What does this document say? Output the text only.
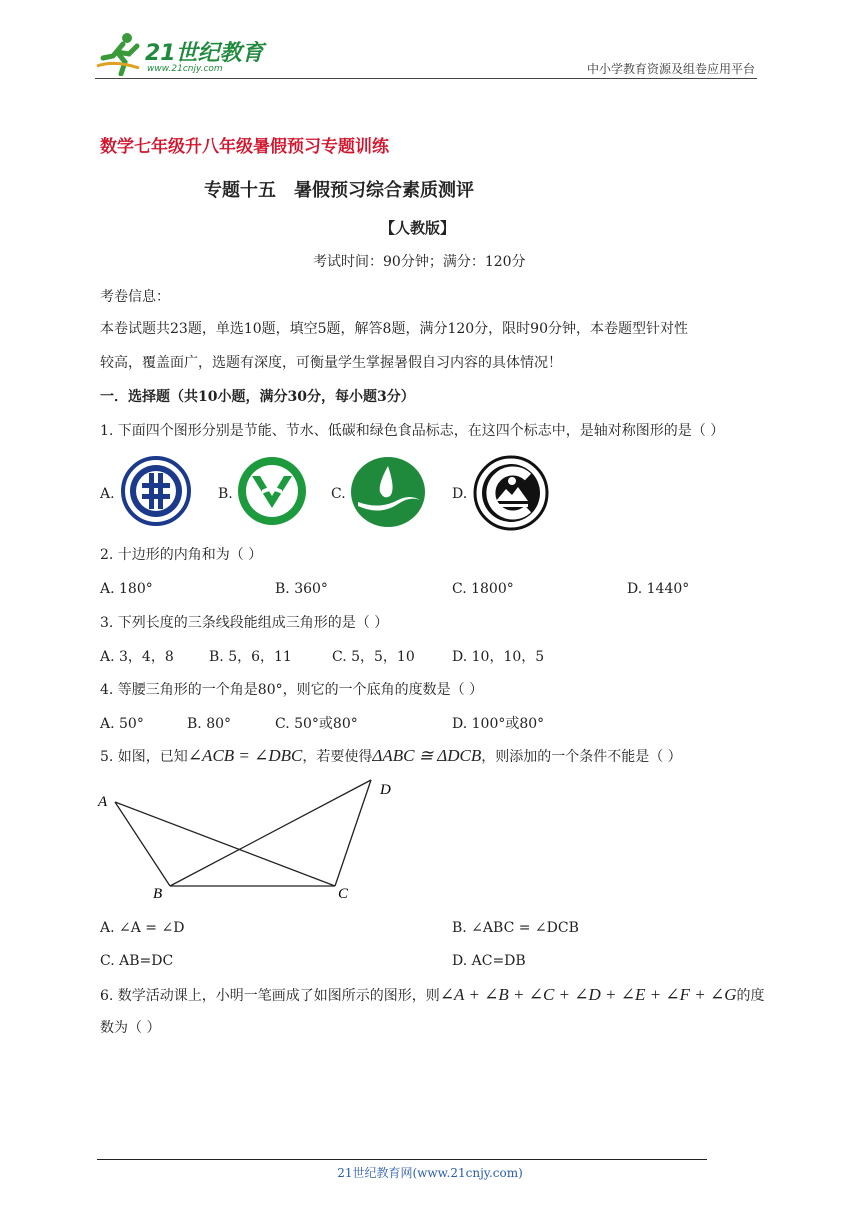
21世纪教育
www.21cnjy.com	中小学教育资源及组卷应用平台
数学七年级升八年级暑假预习专题训练
专题十五　暑假预习综合素质测评
【人教版】
考试时间：90分钟；满分：120分
考卷信息：
本卷试题共23题，单选10题，填空5题，解答8题，满分120分，限时90分钟，本卷题型针对性
较高，覆盖面广，选题有深度，可衡量学生掌握暑假自习内容的具体情况！
一．选择题（共10小题，满分30分，每小题3分）
1. 下面四个图形分别是节能、节水、低碳和绿色食品标志，在这四个标志中，是轴对称图形的是（ ）
A.	B.	C.	D.
2. 十边形的内角和为（ ）
A. 180°	B. 360°	C. 1800°	D. 1440°
3. 下列长度的三条线段能组成三角形的是（ ）
A. 3，4，8	B. 5，6，11	C. 5，5，10	D. 10，10，5
4. 等腰三角形的一个角是80°，则它的一个底角的度数是（ ）
A. 50°	B. 80°	C. 50°或80°	D. 100°或80°
5. 如图，已知∠ACB = ∠DBC，若要使得ΔABC ≅ ΔDCB，则添加的一个条件不能是（ ）
A
B	C
D
A. ∠A = ∠D	B. ∠ABC = ∠DCB
C. AB=DC	D. AC=DB
6. 数学活动课上，小明一笔画成了如图所示的图形，则∠A + ∠B + ∠C + ∠D + ∠E + ∠F + ∠G的度
数为（ ）
21世纪教育网(www.21cnjy.com)
